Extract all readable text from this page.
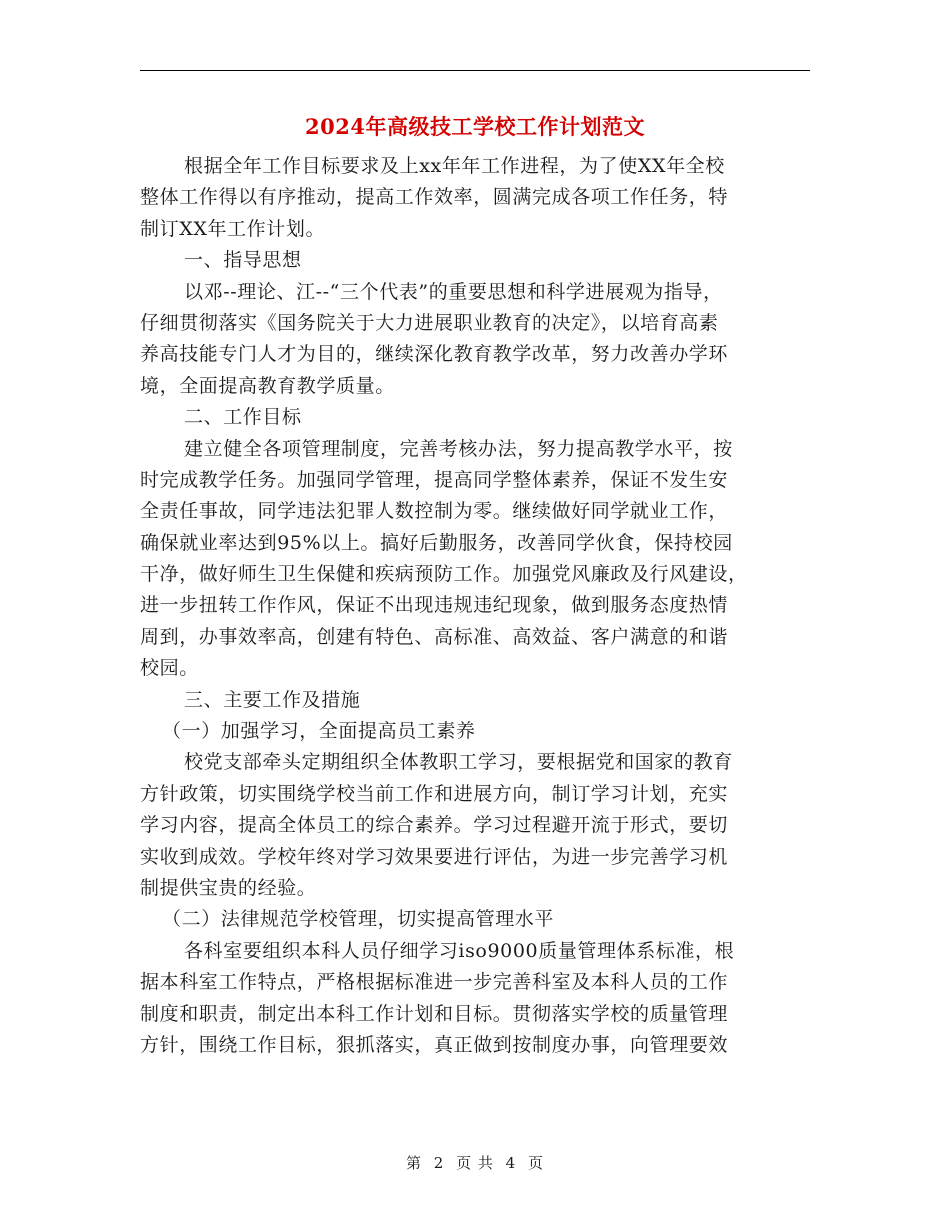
2024年高级技工学校工作计划范文
根据全年工作目标要求及上xx年年工作进程，为了使XX年全校
整体工作得以有序推动，提高工作效率，圆满完成各项工作任务，特
制订XX年工作计划。
一、指导思想
以邓--理论、江--“三个代表”的重要思想和科学进展观为指导，
仔细贯彻落实《国务院关于大力进展职业教育的决定》，以培育高素
养高技能专门人才为目的，继续深化教育教学改革，努力改善办学环
境，全面提高教育教学质量。
二、工作目标
建立健全各项管理制度，完善考核办法，努力提高教学水平，按
时完成教学任务。加强同学管理，提高同学整体素养，保证不发生安
全责任事故，同学违法犯罪人数控制为零。继续做好同学就业工作，
确保就业率达到95%以上。搞好后勤服务，改善同学伙食，保持校园
干净，做好师生卫生保健和疾病预防工作。加强党风廉政及行风建设，
进一步扭转工作作风，保证不出现违规违纪现象，做到服务态度热情
周到，办事效率高，创建有特色、高标准、高效益、客户满意的和谐
校园。
三、主要工作及措施
（一）加强学习，全面提高员工素养
校党支部牵头定期组织全体教职工学习，要根据党和国家的教育
方针政策，切实围绕学校当前工作和进展方向，制订学习计划，充实
学习内容，提高全体员工的综合素养。学习过程避开流于形式，要切
实收到成效。学校年终对学习效果要进行评估，为进一步完善学习机
制提供宝贵的经验。
（二）法律规范学校管理，切实提高管理水平
各科室要组织本科人员仔细学习iso9000质量管理体系标准，根
据本科室工作特点，严格根据标准进一步完善科室及本科人员的工作
制度和职责，制定出本科工作计划和目标。贯彻落实学校的质量管理
方针，围绕工作目标，狠抓落实，真正做到按制度办事，向管理要效
第 2 页 共 4 页
